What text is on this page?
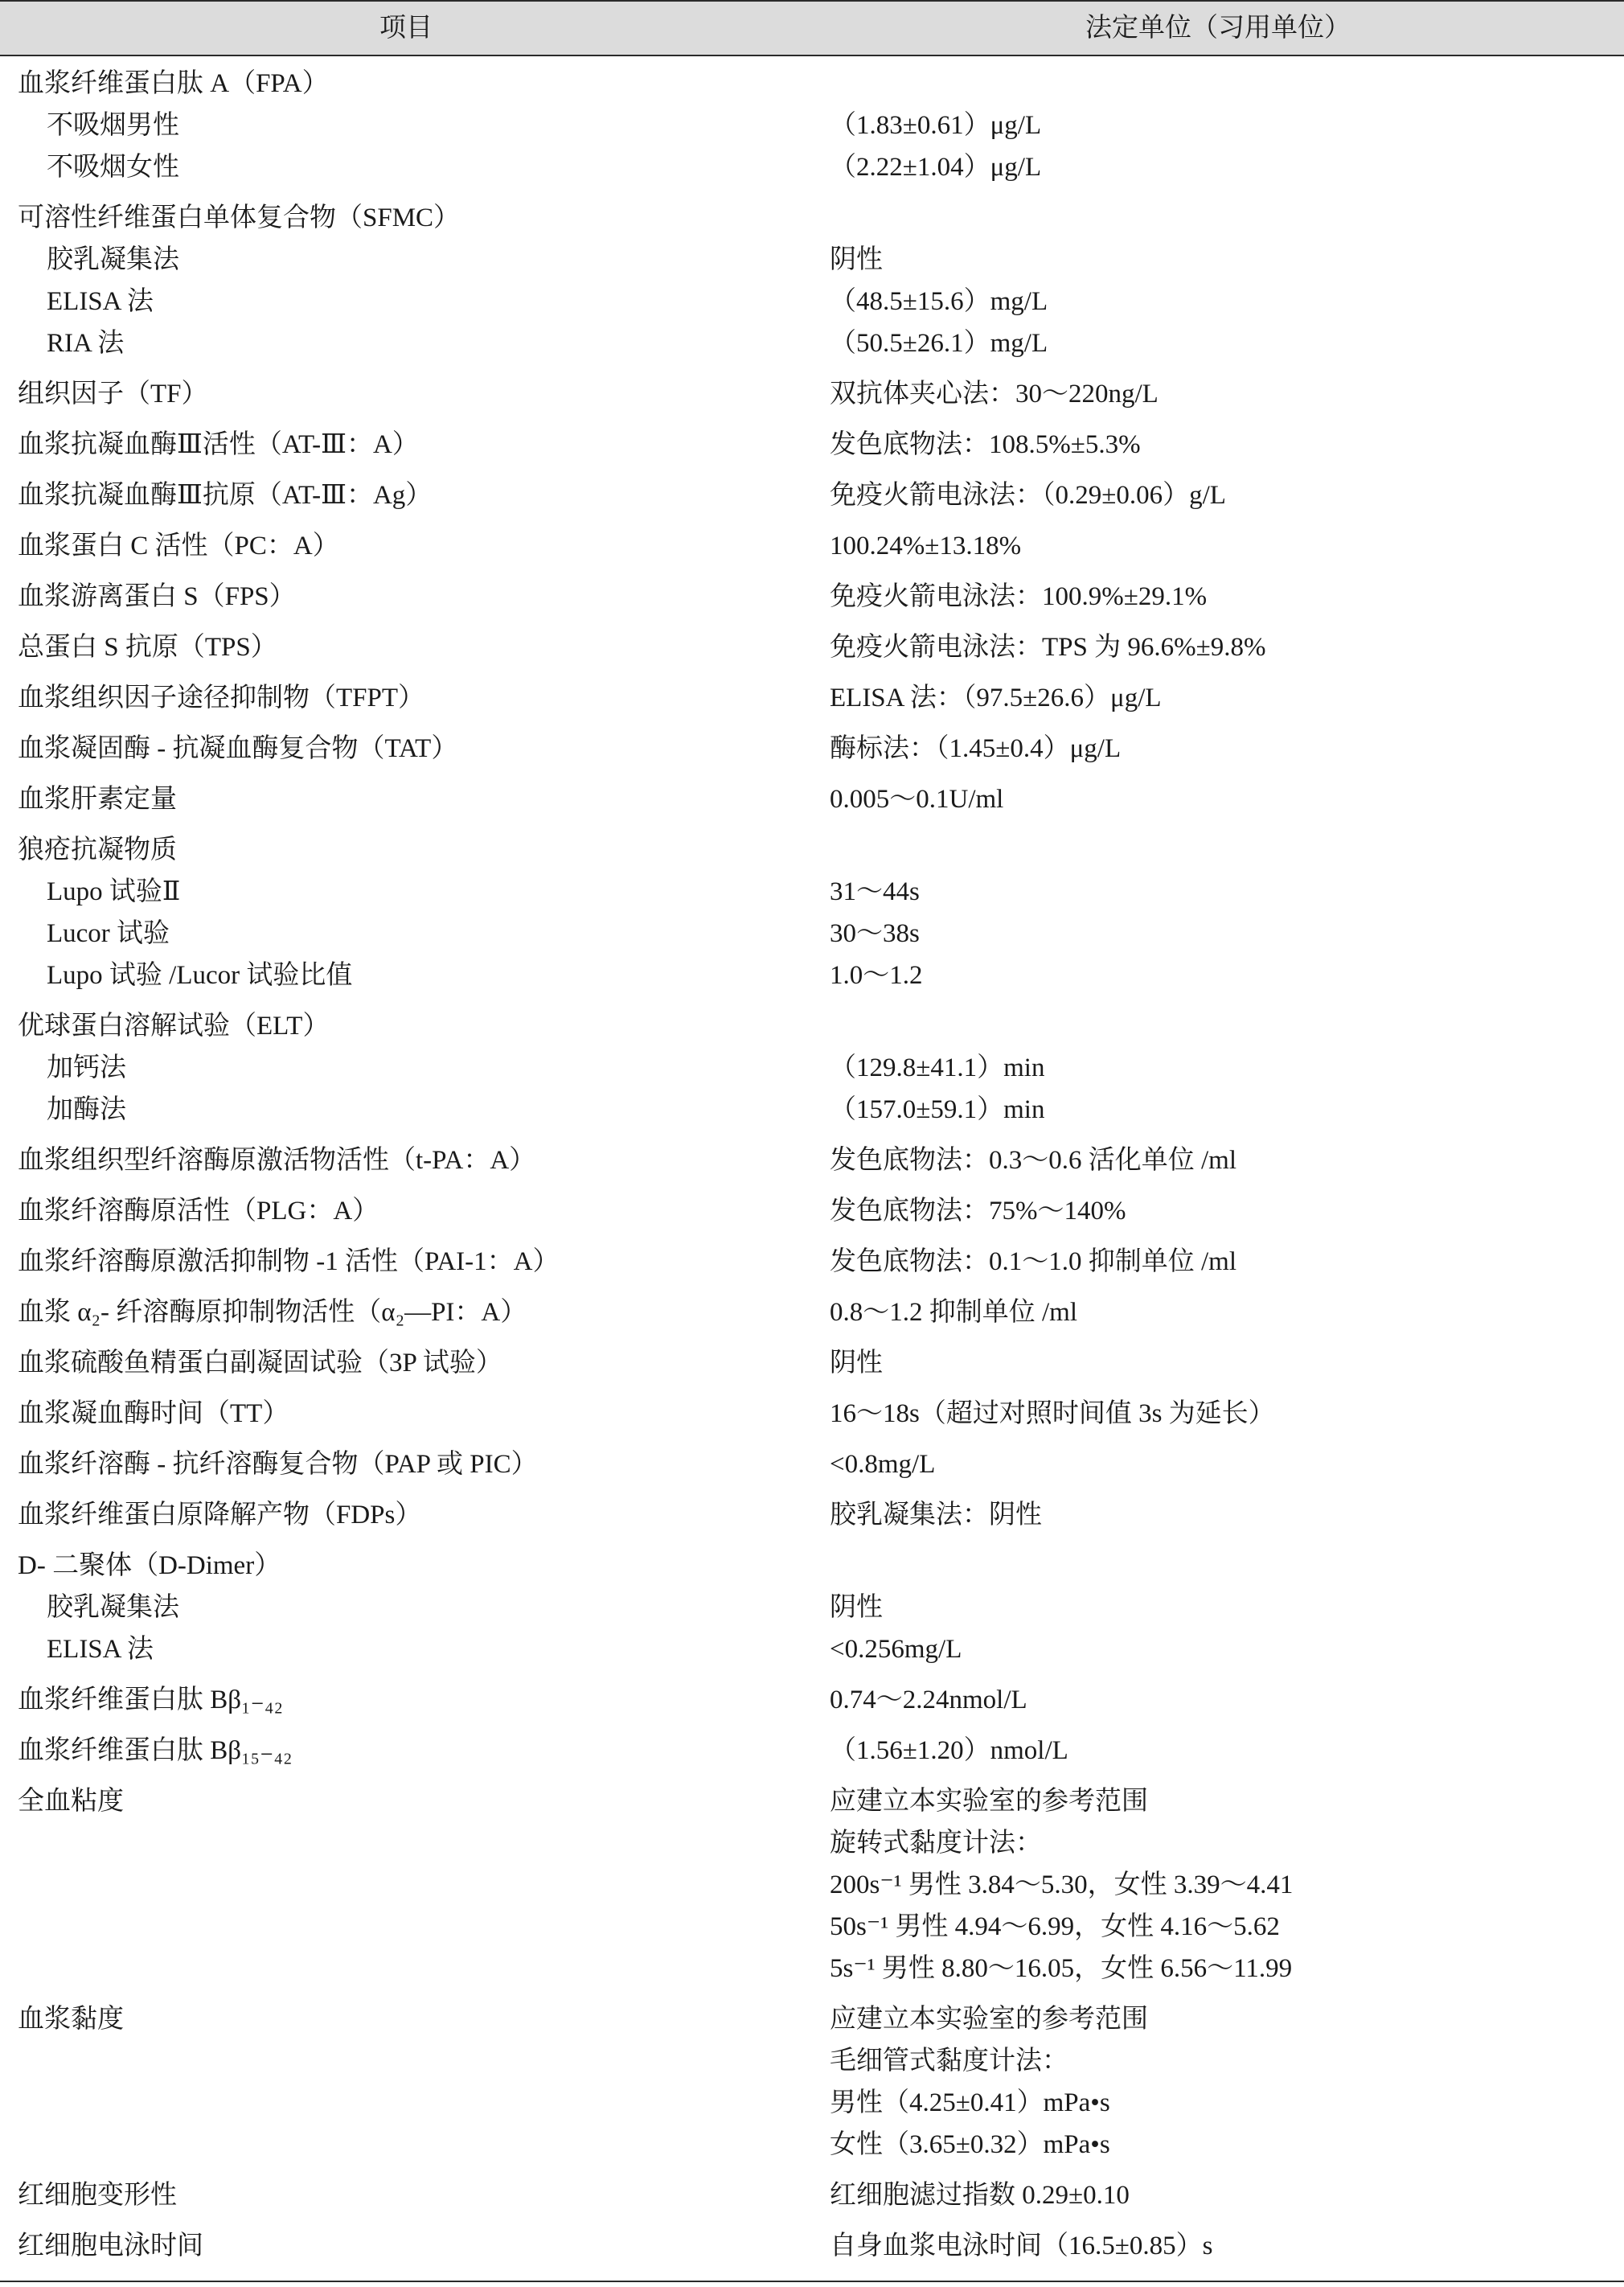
项目	法定单位（习用单位）
血浆纤维蛋白肽 A（FPA）
不吸烟男性	（1.83±0.61）μg/L
不吸烟女性	（2.22±1.04）μg/L
可溶性纤维蛋白单体复合物（SFMC）
胶乳凝集法	阴性
ELISA 法	（48.5±15.6）mg/L
RIA 法	（50.5±26.1）mg/L
组织因子（TF）	双抗体夹心法：30～220ng/L
血浆抗凝血酶Ⅲ活性（AT-Ⅲ：A）	发色底物法：108.5%±5.3%
血浆抗凝血酶Ⅲ抗原（AT-Ⅲ：Ag）	免疫火箭电泳法：（0.29±0.06）g/L
血浆蛋白 C 活性（PC：A）	100.24%±13.18%
血浆游离蛋白 S（FPS）	免疫火箭电泳法：100.9%±29.1%
总蛋白 S 抗原（TPS）	免疫火箭电泳法：TPS 为 96.6%±9.8%
血浆组织因子途径抑制物（TFPT）	ELISA 法：（97.5±26.6）μg/L
血浆凝固酶 - 抗凝血酶复合物（TAT）	酶标法：（1.45±0.4）μg/L
血浆肝素定量	0.005～0.1U/ml
狼疮抗凝物质
Lupo 试验Ⅱ	31～44s
Lucor 试验	30～38s
Lupo 试验 /Lucor 试验比值	1.0～1.2
优球蛋白溶解试验（ELT）
加钙法	（129.8±41.1）min
加酶法	（157.0±59.1）min
血浆组织型纤溶酶原激活物活性（t-PA：A）	发色底物法：0.3～0.6 活化单位 /ml
血浆纤溶酶原活性（PLG：A）	发色底物法：75%～140%
血浆纤溶酶原激活抑制物 -1 活性（PAI-1：A）	发色底物法：0.1～1.0 抑制单位 /ml
血浆 α₂- 纤溶酶原抑制物活性（α₂—PI：A）	0.8～1.2 抑制单位 /ml
血浆硫酸鱼精蛋白副凝固试验（3P 试验）	阴性
血浆凝血酶时间（TT）	16～18s（超过对照时间值 3s 为延长）
血浆纤溶酶 - 抗纤溶酶复合物（PAP 或 PIC）	<0.8mg/L
血浆纤维蛋白原降解产物（FDPs）	胶乳凝集法：阴性
D- 二聚体（D-Dimer）
胶乳凝集法	阴性
ELISA 法	<0.256mg/L
血浆纤维蛋白肽 Bβ₁₋₄₂	0.74～2.24nmol/L
血浆纤维蛋白肽 Bβ₁₅₋₄₂	（1.56±1.20）nmol/L
全血粘度	应建立本实验室的参考范围
旋转式黏度计法：
200s⁻¹ 男性 3.84～5.30，女性 3.39～4.41
50s⁻¹ 男性 4.94～6.99，女性 4.16～5.62
5s⁻¹ 男性 8.80～16.05，女性 6.56～11.99
血浆黏度	应建立本实验室的参考范围
毛细管式黏度计法：
男性（4.25±0.41）mPa•s
女性（3.65±0.32）mPa•s
红细胞变形性	红细胞滤过指数 0.29±0.10
红细胞电泳时间	自身血浆电泳时间（16.5±0.85）s
